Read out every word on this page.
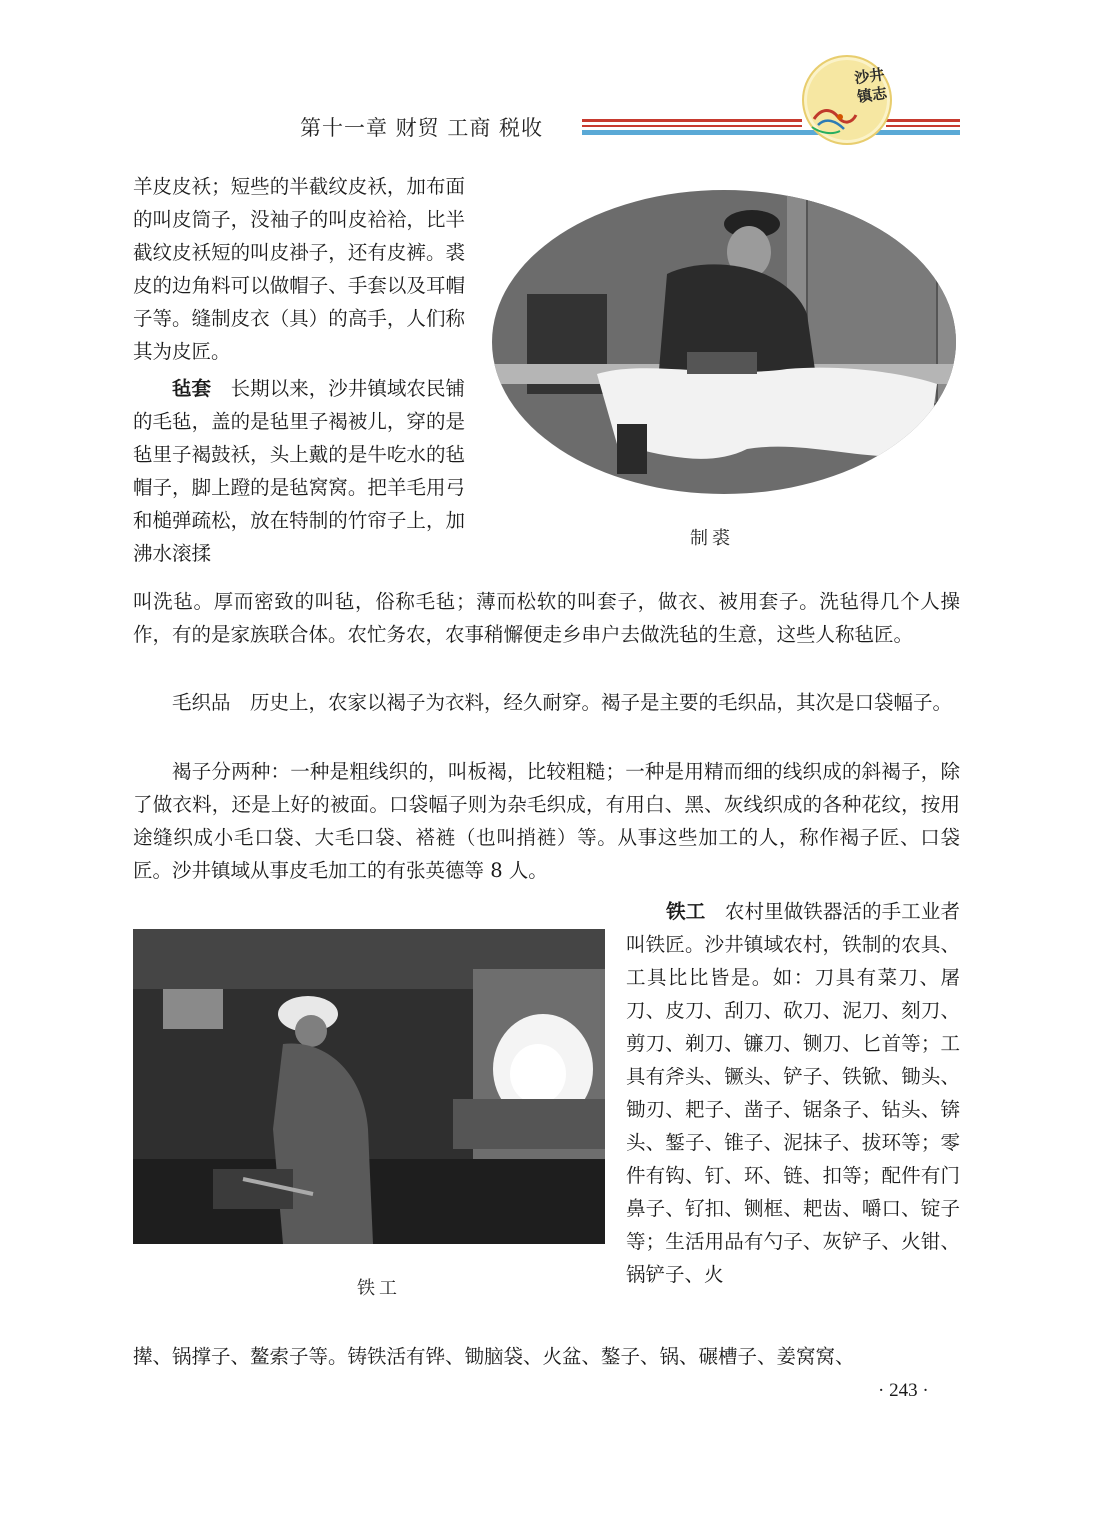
第十一章 财贸 工商 税收
沙井
镇志
羊皮皮袄；短些的半截纹皮袄，加布面的叫皮筒子，没袖子的叫皮袷袷，比半截纹皮袄短的叫皮褂子，还有皮裤。裘皮的边角料可以做帽子、手套以及耳帽子等。缝制皮衣（具）的高手，人们称其为皮匠。
毡套　 长期以来，沙井镇域农民铺的毛毡，盖的是毡里子褐被儿，穿的是毡里子褐鼓袄，头上戴的是牛吃水的毡帽子，脚上蹬的是毡窝窝。把羊毛用弓和槌弹疏松，放在特制的竹帘子上，加沸水滚揉
制裘
叫洗毡。厚而密致的叫毡，俗称毛毡；薄而松软的叫套子，做衣、被用套子。洗毡得几个人操作，有的是家族联合体。农忙务农，农事稍懈便走乡串户去做洗毡的生意，这些人称毡匠。
毛织品　 历史上，农家以褐子为衣料，经久耐穿。褐子是主要的毛织品，其次是口袋幅子。
褐子分两种：一种是粗线织的，叫板褐，比较粗糙；一种是用精而细的线织成的斜褐子，除了做衣料，还是上好的被面。口袋幅子则为杂毛织成，有用白、黑、灰线织成的各种花纹，按用途缝织成小毛口袋、大毛口袋、褡裢（也叫捎裢）等。从事这些加工的人，称作褐子匠、口袋匠。沙井镇域从事皮毛加工的有张英德等 8 人。
铁工
铁工　 农村里做铁器活的手工业者叫铁匠。沙井镇域农村，铁制的农具、工具比比皆是。如：刀具有菜刀、屠刀、皮刀、刮刀、砍刀、泥刀、刻刀、剪刀、剃刀、镰刀、铡刀、匕首等；工具有斧头、镢头、铲子、铁锨、锄头、锄刃、耙子、凿子、锯条子、钻头、锛头、錾子、锥子、泥抹子、拔环等；零件有钩、钉、环、链、扣等；配件有门鼻子、钌扣、铡框、耙齿、嚼口、锭子等；生活用品有勺子、灰铲子、火钳、锅铲子、火
撵、锅撑子、鳌索子等。铸铁活有铧、锄脑袋、火盆、鏊子、锅、碾槽子、姜窝窝、
· 243 ·
